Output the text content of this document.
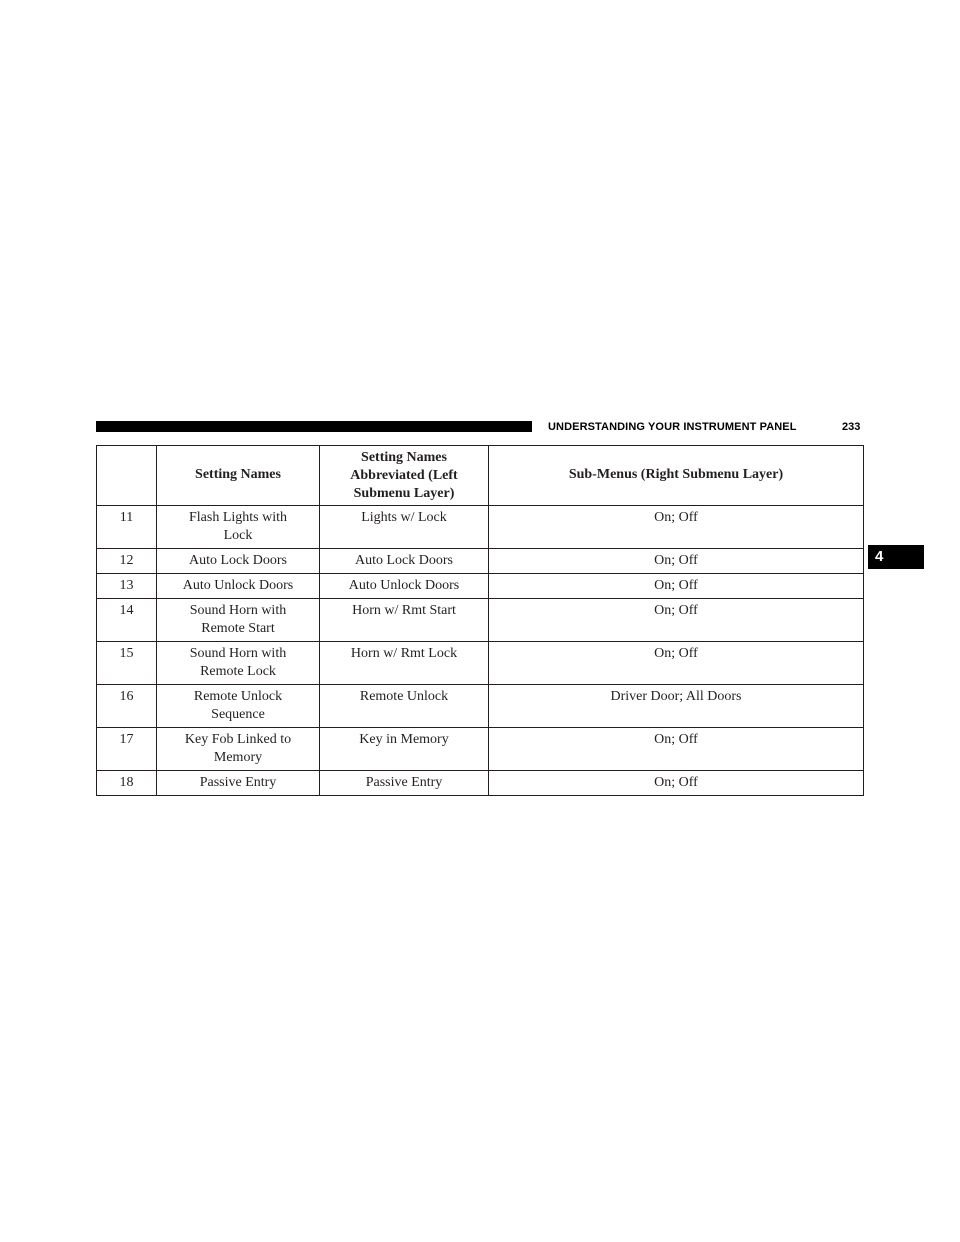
UNDERSTANDING YOUR INSTRUMENT PANEL	233
4
	Setting Names	Setting Names Abbreviated (Left Submenu Layer)	Sub-Menus (Right Submenu Layer)
11	Flash Lights with Lock	Lights w/ Lock	On; Off
12	Auto Lock Doors	Auto Lock Doors	On; Off
13	Auto Unlock Doors	Auto Unlock Doors	On; Off
14	Sound Horn with Remote Start	Horn w/ Rmt Start	On; Off
15	Sound Horn with Remote Lock	Horn w/ Rmt Lock	On; Off
16	Remote Unlock Sequence	Remote Unlock	Driver Door; All Doors
17	Key Fob Linked to Memory	Key in Memory	On; Off
18	Passive Entry	Passive Entry	On; Off
